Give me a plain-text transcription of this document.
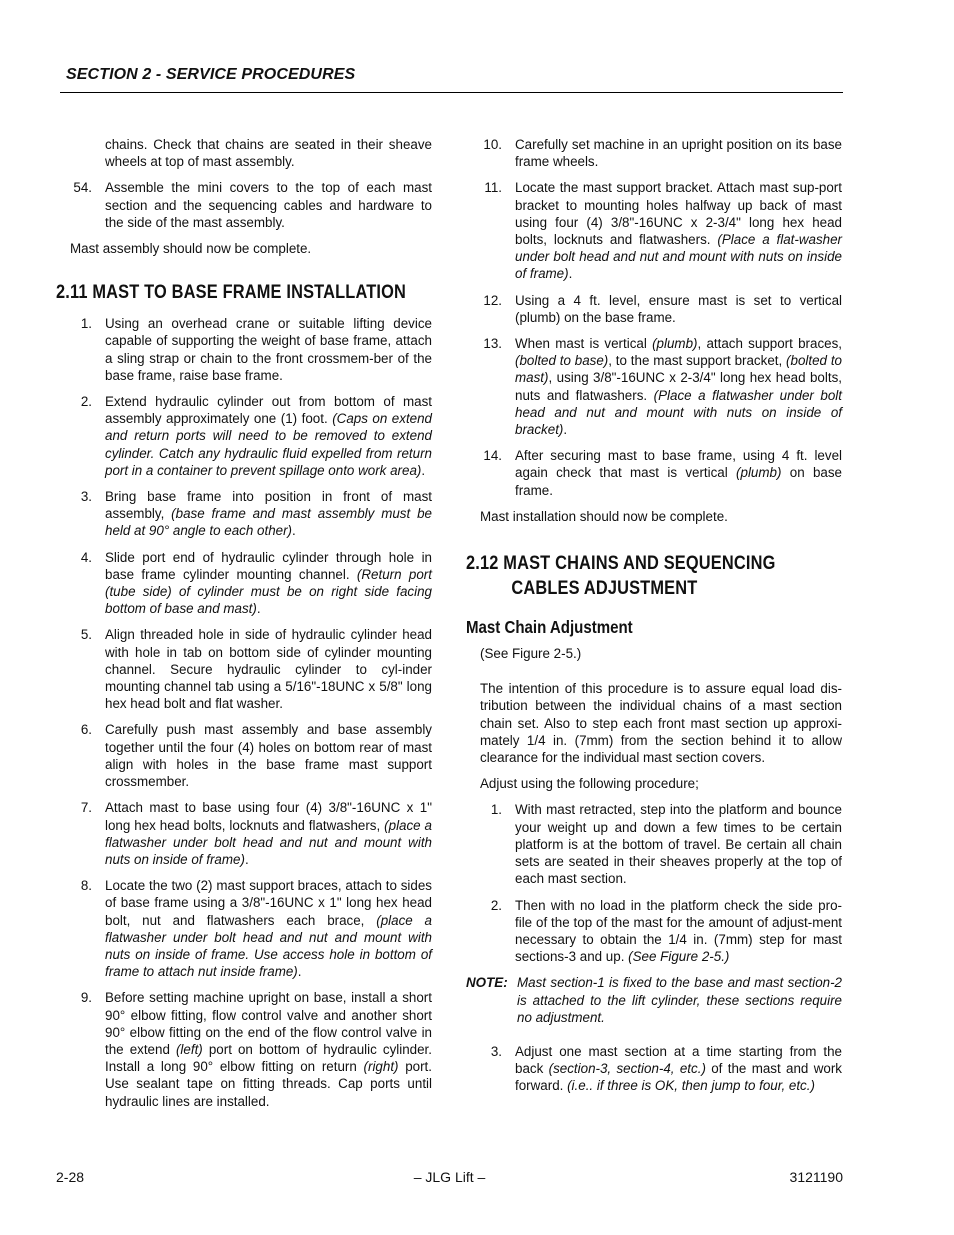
SECTION 2 - SERVICE PROCEDURES
chains. Check that chains are seated in their sheave wheels at top of mast assembly.
54. Assemble the mini covers to the top of each mast section and the sequencing cables and hardware to the side of the mast assembly.
Mast assembly should now be complete.
2.11 MAST TO BASE FRAME INSTALLATION
1. Using an overhead crane or suitable lifting device capable of supporting the weight of base frame, attach a sling strap or chain to the front crossmem-ber of the base frame, raise base frame.
2. Extend hydraulic cylinder out from bottom of mast assembly approximately one (1) foot. (Caps on extend and return ports will need to be removed to extend cylinder. Catch any hydraulic fluid expelled from return port in a container to prevent spillage onto work area).
3. Bring base frame into position in front of mast assembly, (base frame and mast assembly must be held at 90° angle to each other).
4. Slide port end of hydraulic cylinder through hole in base frame cylinder mounting channel. (Return port (tube side) of cylinder must be on right side facing bottom of base and mast).
5. Align threaded hole in side of hydraulic cylinder head with hole in tab on bottom side of cylinder mounting channel. Secure hydraulic cylinder to cyl-inder mounting channel tab using a 5/16"-18UNC x 5/8" long hex head bolt and flat washer.
6. Carefully push mast assembly and base assembly together until the four (4) holes on bottom rear of mast align with holes in the base frame mast support crossmember.
7. Attach mast to base using four (4) 3/8"-16UNC x 1" long hex head bolts, locknuts and flatwashers, (place a flatwasher under bolt head and nut and mount with nuts on inside of frame).
8. Locate the two (2) mast support braces, attach to sides of base frame using a 3/8"-16UNC x 1" long hex head bolt, nut and flatwashers each brace, (place a flatwasher under bolt head and nut and mount with nuts on inside of frame. Use access hole in bottom of frame to attach nut inside frame).
9. Before setting machine upright on base, install a short 90° elbow fitting, flow control valve and another short 90° elbow fitting on the end of the flow control valve in the extend (left) port on bottom of hydraulic cylinder. Install a long 90° elbow fitting on return (right) port. Use sealant tape on fitting threads. Cap ports until hydraulic lines are installed.
10. Carefully set machine in an upright position on its base frame wheels.
11. Locate the mast support bracket. Attach mast sup-port bracket to mounting holes halfway up back of mast using four (4) 3/8"-16UNC x 2-3/4" long hex head bolts, locknuts and flatwashers. (Place a flat-washer under bolt head and nut and mount with nuts on inside of frame).
12. Using a 4 ft. level, ensure mast is set to vertical (plumb) on the base frame.
13. When mast is vertical (plumb), attach support braces, (bolted to base), to the mast support bracket, (bolted to mast), using 3/8"-16UNC x 2-3/4" long hex head bolts, nuts and flatwashers. (Place a flatwasher under bolt head and nut and mount with nuts on inside of bracket).
14. After securing mast to base frame, using 4 ft. level again check that mast is vertical (plumb) on base frame.
Mast installation should now be complete.
2.12 MAST CHAINS AND SEQUENCING
CABLES ADJUSTMENT
Mast Chain Adjustment
(See Figure 2-5.)
The intention of this procedure is to assure equal load dis-tribution between the individual chains of a mast section chain set. Also to step each front mast section up approxi-mately 1/4 in. (7mm) from the section behind it to allow clearance for the individual mast section covers.
Adjust using the following procedure;
1. With mast retracted, step into the platform and bounce your weight up and down a few times to be certain platform is at the bottom of travel. Be certain all chain sets are seated in their sheaves properly at the top of each mast section.
2. Then with no load in the platform check the side pro-file of the top of the mast for the amount of adjust-ment necessary to obtain the 1/4 in. (7mm) step for mast sections-3 and up. (See Figure 2-5.)
NOTE: Mast section-1 is fixed to the base and mast section-2 is attached to the lift cylinder, these sections require no adjustment.
3. Adjust one mast section at a time starting from the back (section-3, section-4, etc.) of the mast and work forward. (i.e.. if three is OK, then jump to four, etc.)
2-28	– JLG Lift –	3121190
